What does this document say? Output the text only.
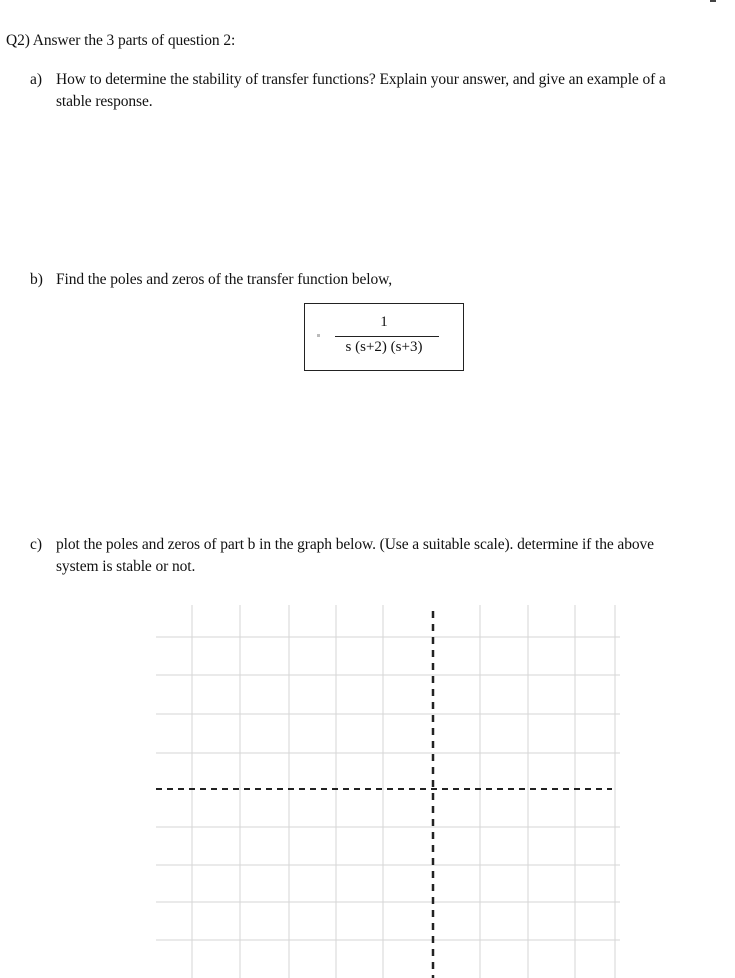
Q2) Answer the 3 parts of question 2:
a) How to determine the stability of transfer functions? Explain your answer, and give an example of a
stable response.
b) Find the poles and zeros of the transfer function below,
1
s (s+2) (s+3)
c) plot the poles and zeros of part b in the graph below. (Use a suitable scale). determine if the above
system is stable or not.
